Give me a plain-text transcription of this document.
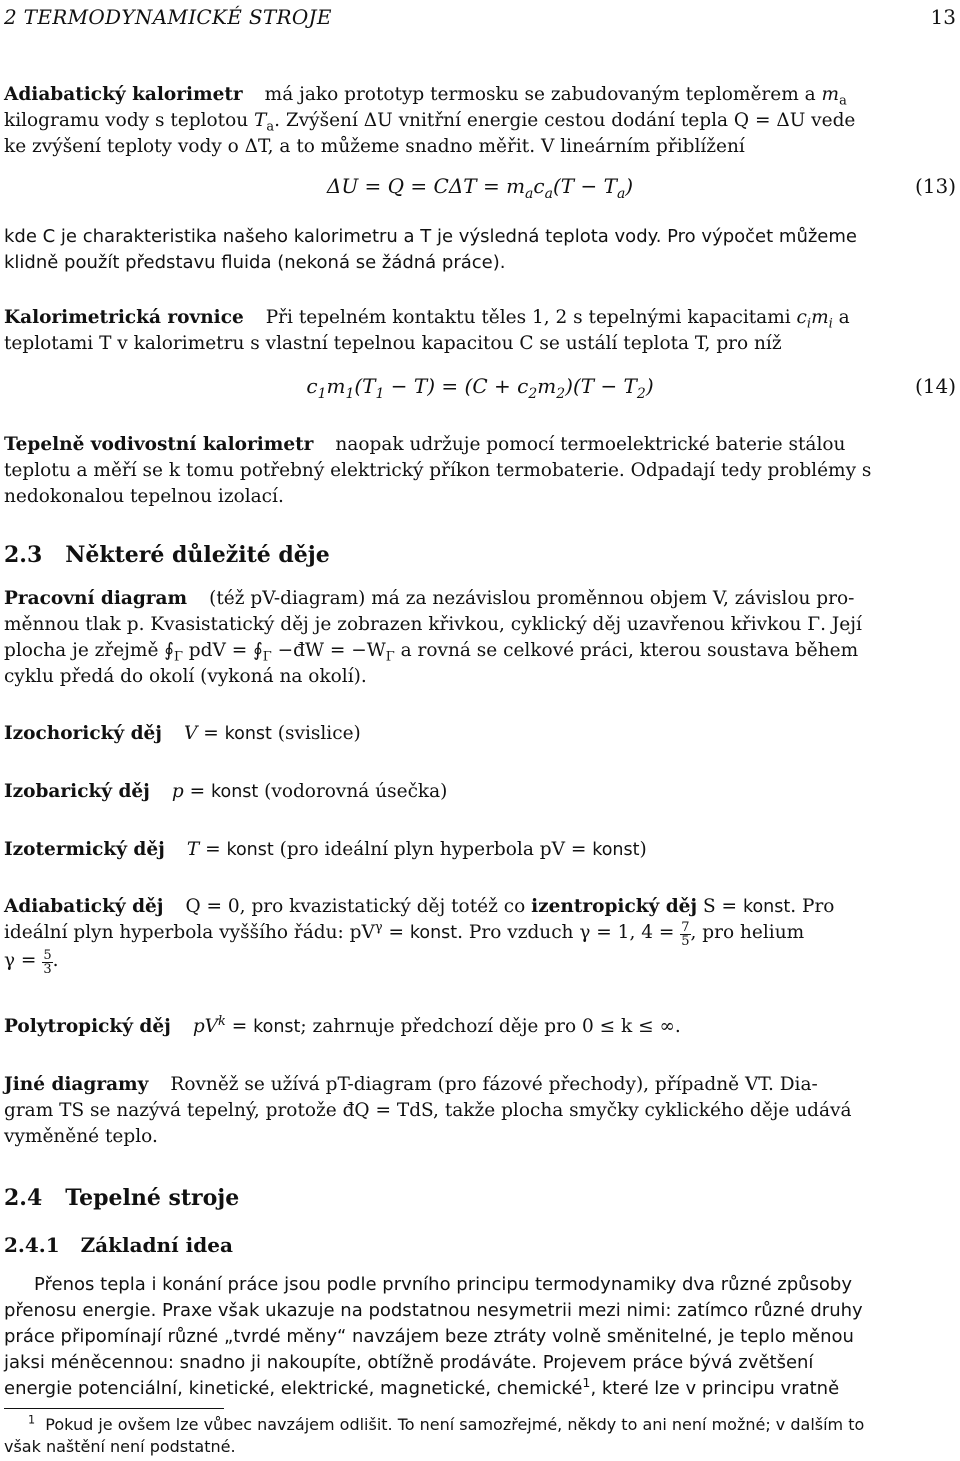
2 TERMODYNAMICKÉ STROJE	13

Adiabatický kalorimetr má jako prototyp termosku se zabudovaným teploměrem a $m_a$
kilogramu vody s teplotou $T_a$. Zvýšení ΔU vnitřní energie cestou dodání tepla Q = ΔU vede
ke zvýšení teploty vody o ΔT, a to můžeme snadno měřit. V lineárním přiblížení

$\Delta U = Q = C\Delta T = m_ac_a(T - T_a)$	(13)

kde C je charakteristika našeho kalorimetru a T je výsledná teplota vody. Pro výpočet můžeme
klidně použít představu fluida (nekoná se žádná práce).

Kalorimetrická rovnice Při tepelném kontaktu těles 1, 2 s tepelnými kapacitami $c_im_i$ a
teplotami T v kalorimetru s vlastní tepelnou kapacitou C se ustálí teplota T, pro níž

$c_1m_1(T_1 - T) = (C + c_2m_2)(T - T_2)$	(14)

Tepelně vodivostní kalorimetr naopak udržuje pomocí termoelektrické baterie stálou
teplotu a měří se k tomu potřebný elektrický příkon termobaterie. Odpadají tedy problémy s
nedokonalou tepelnou izolací.

2.3 Některé důležité děje

Pracovní diagram (též pV-diagram) má za nezávislou proměnnou objem V, závislou pro-
měnnou tlak p. Kvasistatický děj je zobrazen křivkou, cyklický děj uzavřenou křivkou Γ. Její
plocha je zřejmě $∮_\Gamma$ pdV = $∮_\Gamma$ −đW = $-W_\Gamma$ a rovná se celkové práci, kterou soustava během
cyklu předá do okolí (vykoná na okolí).

Izochorický děj V = konst (svislice)

Izobarický děj p = konst (vodorovná úsečka)

Izotermický děj T = konst (pro ideální plyn hyperbola pV = konst)

Adiabatický děj Q = 0, pro kvazistatický děj totéž co izentropický děj S = konst. Pro
ideální plyn hyperbola vyššího řádu: $pV^\gamma$ = konst. Pro vzduch γ = 1, $4 = \frac{7}{5}$ , pro helium
$\gamma = \frac{5}{3}$ .

Polytropický děj $pV^k$ = konst; zahrnuje předchozí děje pro 0 ≤ k ≤ ∞.

Jiné diagramy Rovněž se užívá pT-diagram (pro fázové přechody), případně VT. Dia-
gram TS se nazývá tepelný, protože đQ = TdS, takže plocha smyčky cyklického děje udává
vyměněné teplo.

2.4 Tepelné stroje
2.4.1 Základní idea

Přenos tepla i konání práce jsou podle prvního principu termodynamiky dva různé způsoby
přenosu energie. Praxe však ukazuje na podstatnou nesymetrii mezi nimi: zatímco různé druhy
práce připomínají různé „tvrdé měny“ navzájem beze ztráty volně směnitelné, je teplo měnou
jaksi méněcennou: snadno ji nakoupíte, obtížně prodáváte. Projevem práce bývá zvětšení
energie potenciální, kinetické, elektrické, magnetické, chemické$^1$, které lze v principu vratně

$^1$ Pokud je ovšem lze vůbec navzájem odlišit. To není samozřejmé, někdy to ani není možné; v dalším to
však naštění není podstatné.
